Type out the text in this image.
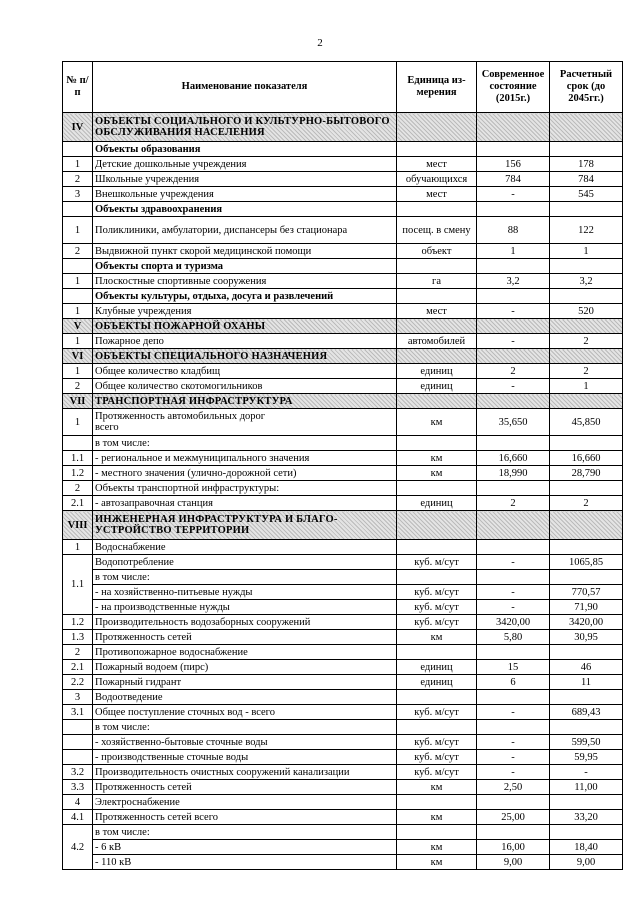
2
№ п/п	Наименование показателя	Единица из-мерения	Современное состояние (2015г.)	Расчетный срок (до 2045гг.)
IV	ОБЪЕКТЫ СОЦИАЛЬНОГО И КУЛЬТУРНО-БЫТОВОГО ОБСЛУЖИВАНИЯ НАСЕЛЕНИЯ			
	Объекты образования			
1	Детские дошкольные учреждения	мест	156	178
2	Школьные учреждения	обучающихся	784	784
3	Внешкольные учреждения	мест	-	545
	Объекты здравоохранения			
1	Поликлиники, амбулатории, диспансеры без стационара	посещ. в смену	88	122
2	Выдвижной пункт скорой медицинской помощи	объект	1	1
	Объекты спорта и туризма			
1	Плоскостные спортивные сооружения	га	3,2	3,2
	Объекты культуры, отдыха, досуга и развлечений			
1	Клубные учреждения	мест	-	520
V	ОБЪЕКТЫ ПОЖАРНОЙ ОХАНЫ			
1	Пожарное депо	автомобилей	-	2
VI	ОБЪЕКТЫ СПЕЦИАЛЬНОГО НАЗНАЧЕНИЯ			
1	Общее количество кладбищ	единиц	2	2
2	Общее количество скотомогильников	единиц	-	1
VII	ТРАНСПОРТНАЯ ИНФРАСТРУКТУРА			
1	Протяженность автомобильных дорог всего	км	35,650	45,850
	в том числе:			
1.1	- региональное и межмуниципального значения	км	16,660	16,660
1.2	- местного значения (улично-дорожной сети)	км	18,990	28,790
2	Объекты транспортной инфраструктуры:			
2.1	- автозаправочная станция	единиц	2	2
VIII	ИНЖЕНЕРНАЯ ИНФРАСТРУКТУРА И БЛАГО-УСТРОЙСТВО ТЕРРИТОРИИ			
1	Водоснабжение			
1.1	Водопотребление	куб. м/сут	-	1065,85
	в том числе:			
	- на хозяйственно-питьевые нужды	куб. м/сут	-	770,57
	- на производственные нужды	куб. м/сут	-	71,90
1.2	Производительность водозаборных сооружений	куб. м/сут	3420,00	3420,00
1.3	Протяженность сетей	км	5,80	30,95
2	Противопожарное водоснабжение			
2.1	Пожарный водоем (пирс)	единиц	15	46
2.2	Пожарный гидрант	единиц	6	11
3	Водоотведение			
3.1	Общее поступление сточных вод - всего	куб. м/сут	-	689,43
	в том числе:			
	- хозяйственно-бытовые сточные воды	куб. м/сут	-	599,50
	- производственные сточные воды	куб. м/сут	-	59,95
3.2	Производительность очистных сооружений канализации	куб. м/сут	-	-
3.3	Протяженность сетей	км	2,50	11,00
4	Электроснабжение			
4.1	Протяженность сетей всего	км	25,00	33,20
4.2	в том числе:			
	- 6 кВ	км	16,00	18,40
	- 110 кВ	км	9,00	9,00
